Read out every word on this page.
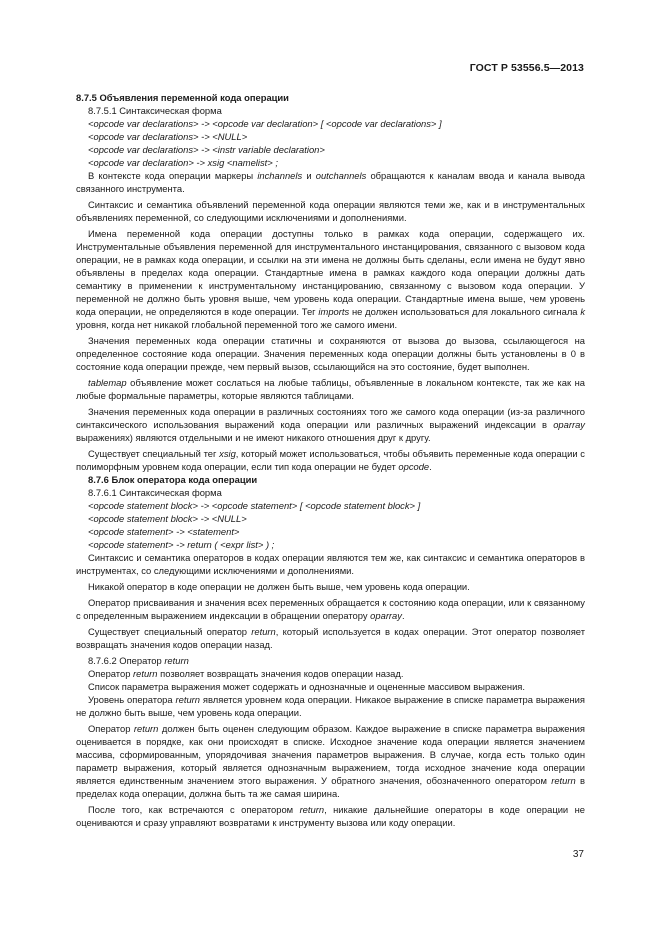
ГОСТ Р 53556.5—2013

8.7.5 Объявления переменной кода операции

8.7.5.1 Синтаксическая форма

<opcode var declarations> -> <opcode var declaration> [ <opcode var declarations> ]

<opcode var declarations> -> <NULL>

<opcode var declarations> -> <instr variable declaration>

<opcode var declaration> -> xsig <namelist> ;

В контексте кода операции маркеры inchannels и outchannels обращаются к каналам ввода и канала вывода связанного инструмента.

Синтаксис и семантика объявлений переменной кода операции являются теми же, как и в инструментальных объявлениях переменной, со следующими исключениями и дополнениями.

Имена переменной кода операции доступны только в рамках кода операции, содержащего их. Инструментальные объявления переменной для инструментального инстанцирования, связанного с вызовом кода операции, не в рамках кода операции, и ссылки на эти имена не должны быть сделаны, если имена не будут явно объявлены в пределах кода операции. Стандартные имена в рамках каждого кода операции должны дать семантику в применении к инструментальному инстанцированию, связанному с вызовом кода операции. У переменной не должно быть уровня выше, чем уровень кода операции. Стандартные имена выше, чем уровень кода операции, не определяются в коде операции. Тег imports не должен использоваться для локального сигнала k уровня, когда нет никакой глобальной переменной того же самого имени.

Значения переменных кода операции статичны и сохраняются от вызова до вызова, ссылающегося на определенное состояние кода операции. Значения переменных кода операции должны быть установлены в 0 в состояние кода операции прежде, чем первый вызов, ссылающийся на это состояние, будет выполнен.

tablemap объявление может сослаться на любые таблицы, объявленные в локальном контексте, так же как на любые формальные параметры, которые являются таблицами.

Значения переменных кода операции в различных состояниях того же самого кода операции (из-за различного синтаксического использования выражений кода операции или различных выражений индексации в oparray выражениях) являются отдельными и не имеют никакого отношения друг к другу.

Существует специальный тег xsig, который может использоваться, чтобы объявить переменные кода операции с полиморфным уровнем кода операции, если тип кода операции не будет opcode.

8.7.6 Блок оператора кода операции

8.7.6.1 Синтаксическая форма

<opcode statement block> -> <opcode statement> [ <opcode statement block> ]

<opcode statement block> -> <NULL>

<opcode statement> -> <statement>

<opcode statement> -> return ( <expr list> ) ;

Синтаксис и семантика операторов в кодах операции являются тем же, как синтаксис и семантика операторов в инструментах, со следующими исключениями и дополнениями.

Никакой оператор в коде операции не должен быть выше, чем уровень кода операции.

Оператор присваивания и значения всех переменных обращается к состоянию кода операции, или к связанному с определенным выражением индексации в обращении оператору oparray.

Существует специальный оператор return, который используется в кодах операции. Этот оператор позволяет возвращать значения кодов операции назад.

8.7.6.2 Оператор return

Оператор return позволяет возвращать значения кодов операции назад.

Список параметра выражения может содержать и однозначные и оцененные массивом выражения.

Уровень оператора return является уровнем кода операции. Никакое выражение в списке параметра выражения не должно быть выше, чем уровень кода операции.

Оператор return должен быть оценен следующим образом. Каждое выражение в списке параметра выражения оценивается в порядке, как они происходят в списке. Исходное значение кода операции является значением массива, сформированным, упорядочивая значения параметров выражения. В случае, когда есть только один параметр выражения, который является однозначным выражением, тогда исходное значение кода операции является единственным значением этого выражения. У обратного значения, обозначенного оператором return в пределах кода операции, должна быть та же самая ширина.

После того, как встречаются с оператором return, никакие дальнейшие операторы в коде операции не оцениваются и сразу управляют возвратами к инструменту вызова или коду операции.

37
